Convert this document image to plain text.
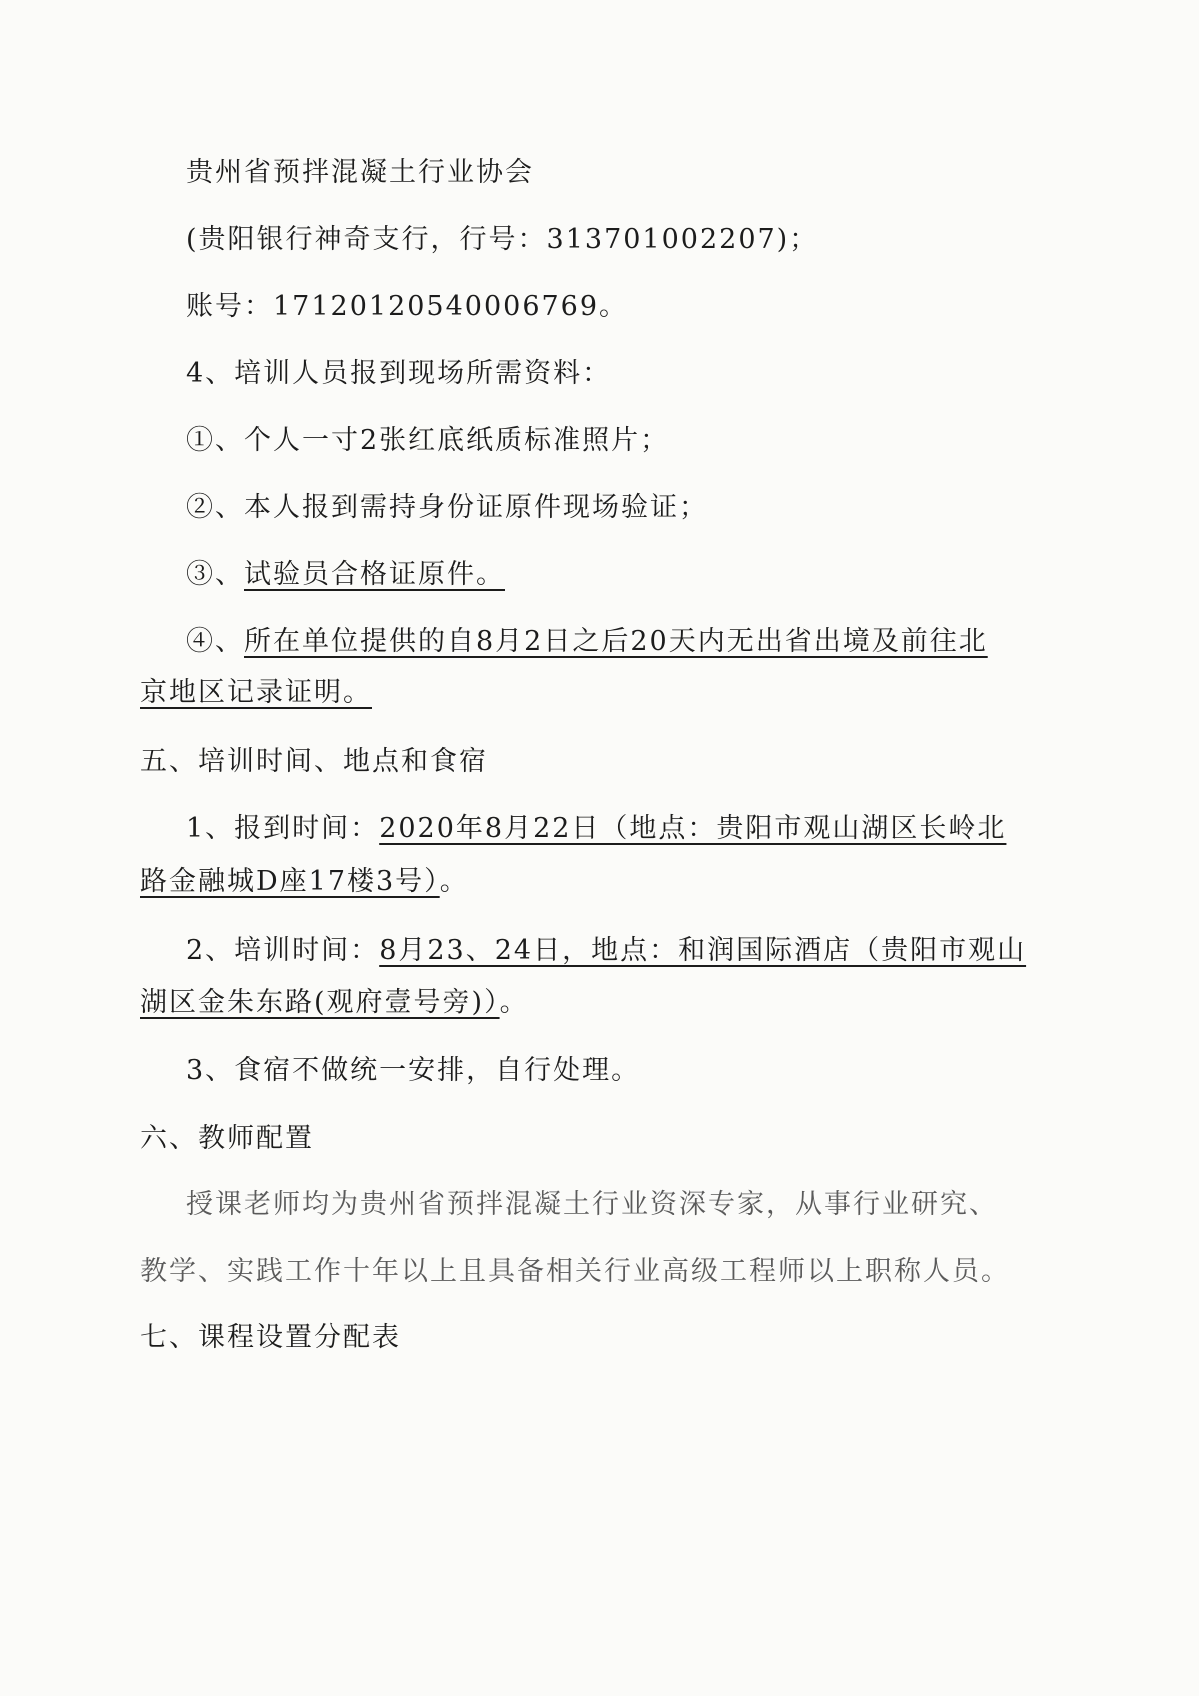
贵州省预拌混凝土行业协会
(贵阳银行神奇支行，行号：313701002207)；
账号：17120120540006769。
4、培训人员报到现场所需资料：
①、个人一寸2张红底纸质标准照片；
②、本人报到需持身份证原件现场验证；
③、试验员合格证原件。
④、所在单位提供的自8月2日之后20天内无出省出境及前往北
京地区记录证明。
五、培训时间、地点和食宿
1、报到时间：2020年8月22日（地点：贵阳市观山湖区长岭北
路金融城D座17楼3号）。
2、培训时间：8月23、24日，地点：和润国际酒店（贵阳市观山
湖区金朱东路(观府壹号旁)）。
3、食宿不做统一安排，自行处理。
六、教师配置
授课老师均为贵州省预拌混凝土行业资深专家，从事行业研究、
教学、实践工作十年以上且具备相关行业高级工程师以上职称人员。
七、课程设置分配表
